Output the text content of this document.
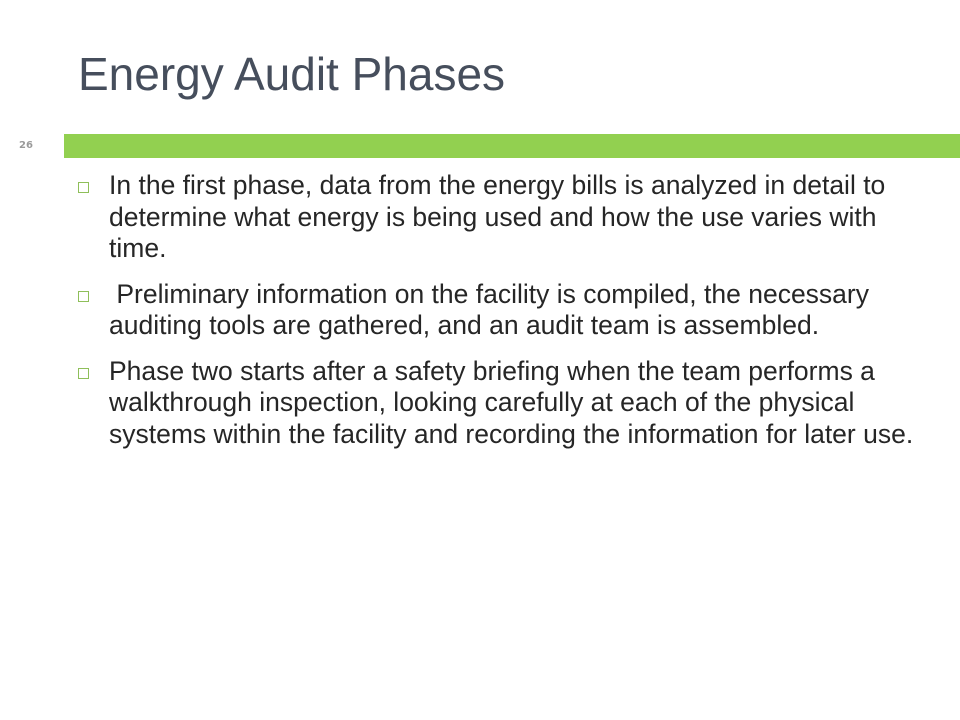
Energy Audit Phases
26
In the first phase, data from the energy bills is analyzed in detail to determine what energy is being used and how the use varies with time.
Preliminary information on the facility is compiled, the necessary auditing tools are gathered, and an audit team is assembled.
Phase two starts after a safety briefing when the team performs a walkthrough inspection, looking carefully at each of the physical systems within the facility and recording the information for later use.
